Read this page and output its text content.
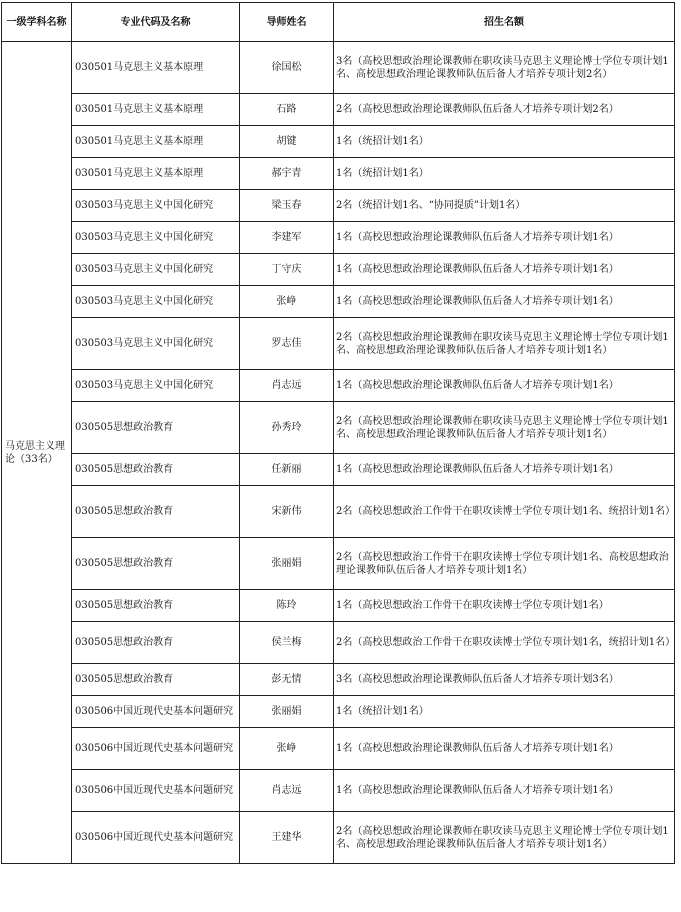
一级学科名称	专业代码及名称	导师姓名	招生名额
马克思主义理论（33名）	030501马克思主义基本原理	徐国松	3名（高校思想政治理论课教师在职攻读马克思主义理论博士学位专项计划1名、高校思想政治理论课教师队伍后备人才培养专项计划2名）
	030501马克思主义基本原理	石路	2名（高校思想政治理论课教师队伍后备人才培养专项计划2名）
	030501马克思主义基本原理	胡键	1名（统招计划1名）
	030501马克思主义基本原理	郝宇青	1名（统招计划1名）
	030503马克思主义中国化研究	梁玉春	2名（统招计划1名、“协同提质”计划1名）
	030503马克思主义中国化研究	李建军	1名（高校思想政治理论课教师队伍后备人才培养专项计划1名）
	030503马克思主义中国化研究	丁守庆	1名（高校思想政治理论课教师队伍后备人才培养专项计划1名）
	030503马克思主义中国化研究	张峥	1名（高校思想政治理论课教师队伍后备人才培养专项计划1名）
	030503马克思主义中国化研究	罗志佳	2名（高校思想政治理论课教师在职攻读马克思主义理论博士学位专项计划1名、高校思想政治理论课教师队伍后备人才培养专项计划1名）
	030503马克思主义中国化研究	肖志远	1名（高校思想政治理论课教师队伍后备人才培养专项计划1名）
	030505思想政治教育	孙秀玲	2名（高校思想政治理论课教师在职攻读马克思主义理论博士学位专项计划1名、高校思想政治理论课教师队伍后备人才培养专项计划1名）
	030505思想政治教育	任新丽	1名（高校思想政治理论课教师队伍后备人才培养专项计划1名）
	030505思想政治教育	宋新伟	2名（高校思想政治工作骨干在职攻读博士学位专项计划1名、统招计划1名）
	030505思想政治教育	张丽娟	2名（高校思想政治工作骨干在职攻读博士学位专项计划1名、高校思想政治理论课教师队伍后备人才培养专项计划1名）
	030505思想政治教育	陈玲	1名（高校思想政治工作骨干在职攻读博士学位专项计划1名）
	030505思想政治教育	侯兰梅	2名（高校思想政治工作骨干在职攻读博士学位专项计划1名，统招计划1名）
	030505思想政治教育	彭无情	3名（高校思想政治理论课教师队伍后备人才培养专项计划3名）
	030506中国近现代史基本问题研究	张丽娟	1名（统招计划1名）
	030506中国近现代史基本问题研究	张峥	1名（高校思想政治理论课教师队伍后备人才培养专项计划1名）
	030506中国近现代史基本问题研究	肖志远	1名（高校思想政治理论课教师队伍后备人才培养专项计划1名）
	030506中国近现代史基本问题研究	王建华	2名（高校思想政治理论课教师在职攻读马克思主义理论博士学位专项计划1名、高校思想政治理论课教师队伍后备人才培养专项计划1名）
